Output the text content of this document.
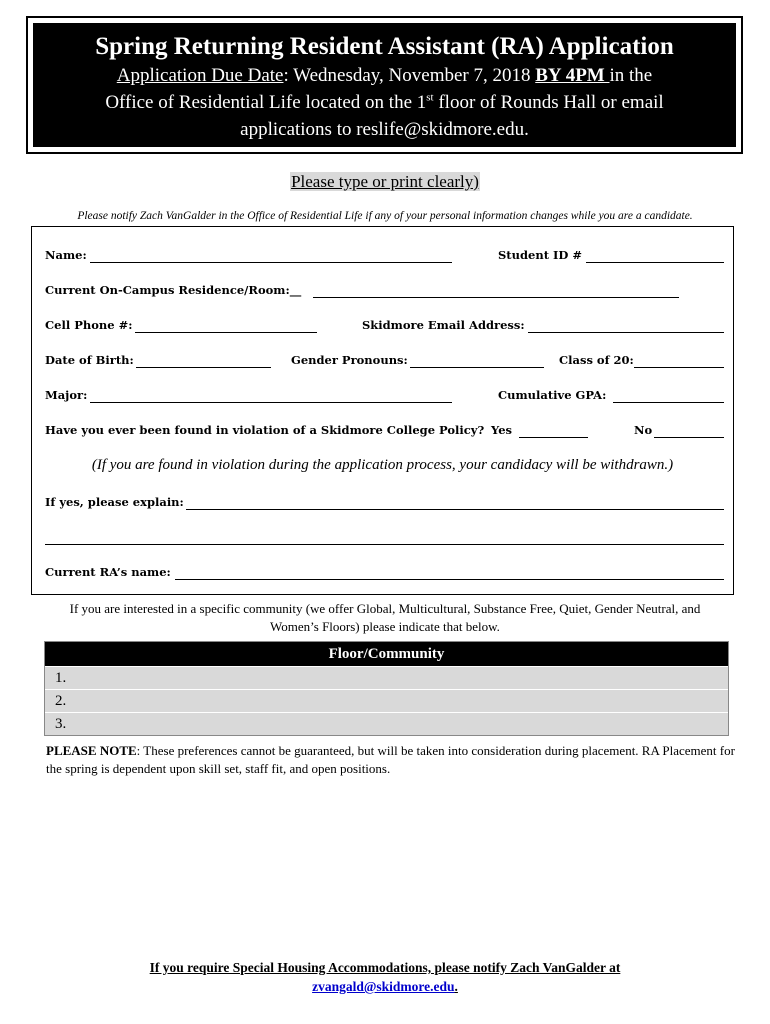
Spring Returning Resident Assistant (RA) Application
Application Due Date: Wednesday, November 7, 2018 BY 4PM in the
Office of Residential Life located on the 1st floor of Rounds Hall or email
applications to reslife@skidmore.edu.
Please type or print clearly)
Please notify Zach VanGalder in the Office of Residential Life if any of your personal information changes while you are a candidate.
Name:	Student ID #
Current On-Campus Residence/Room:__
Cell Phone #:	Skidmore Email Address:
Date of Birth:	Gender Pronouns:	Class of 20:
Major:	Cumulative GPA:
Have you ever been found in violation of a Skidmore College Policy? Yes	No
(If you are found in violation during the application process, your candidacy will be withdrawn.)
If yes, please explain:
Current RA’s name:
If you are interested in a specific community (we offer Global, Multicultural, Substance Free, Quiet, Gender Neutral, and Women’s Floors) please indicate that below.
Floor/Community
1.
2.
3.
PLEASE NOTE: These preferences cannot be guaranteed, but will be taken into consideration during placement. RA Placement for the spring is dependent upon skill set, staff fit, and open positions.
If you require Special Housing Accommodations, please notify Zach VanGalder at
zvangald@skidmore.edu.
